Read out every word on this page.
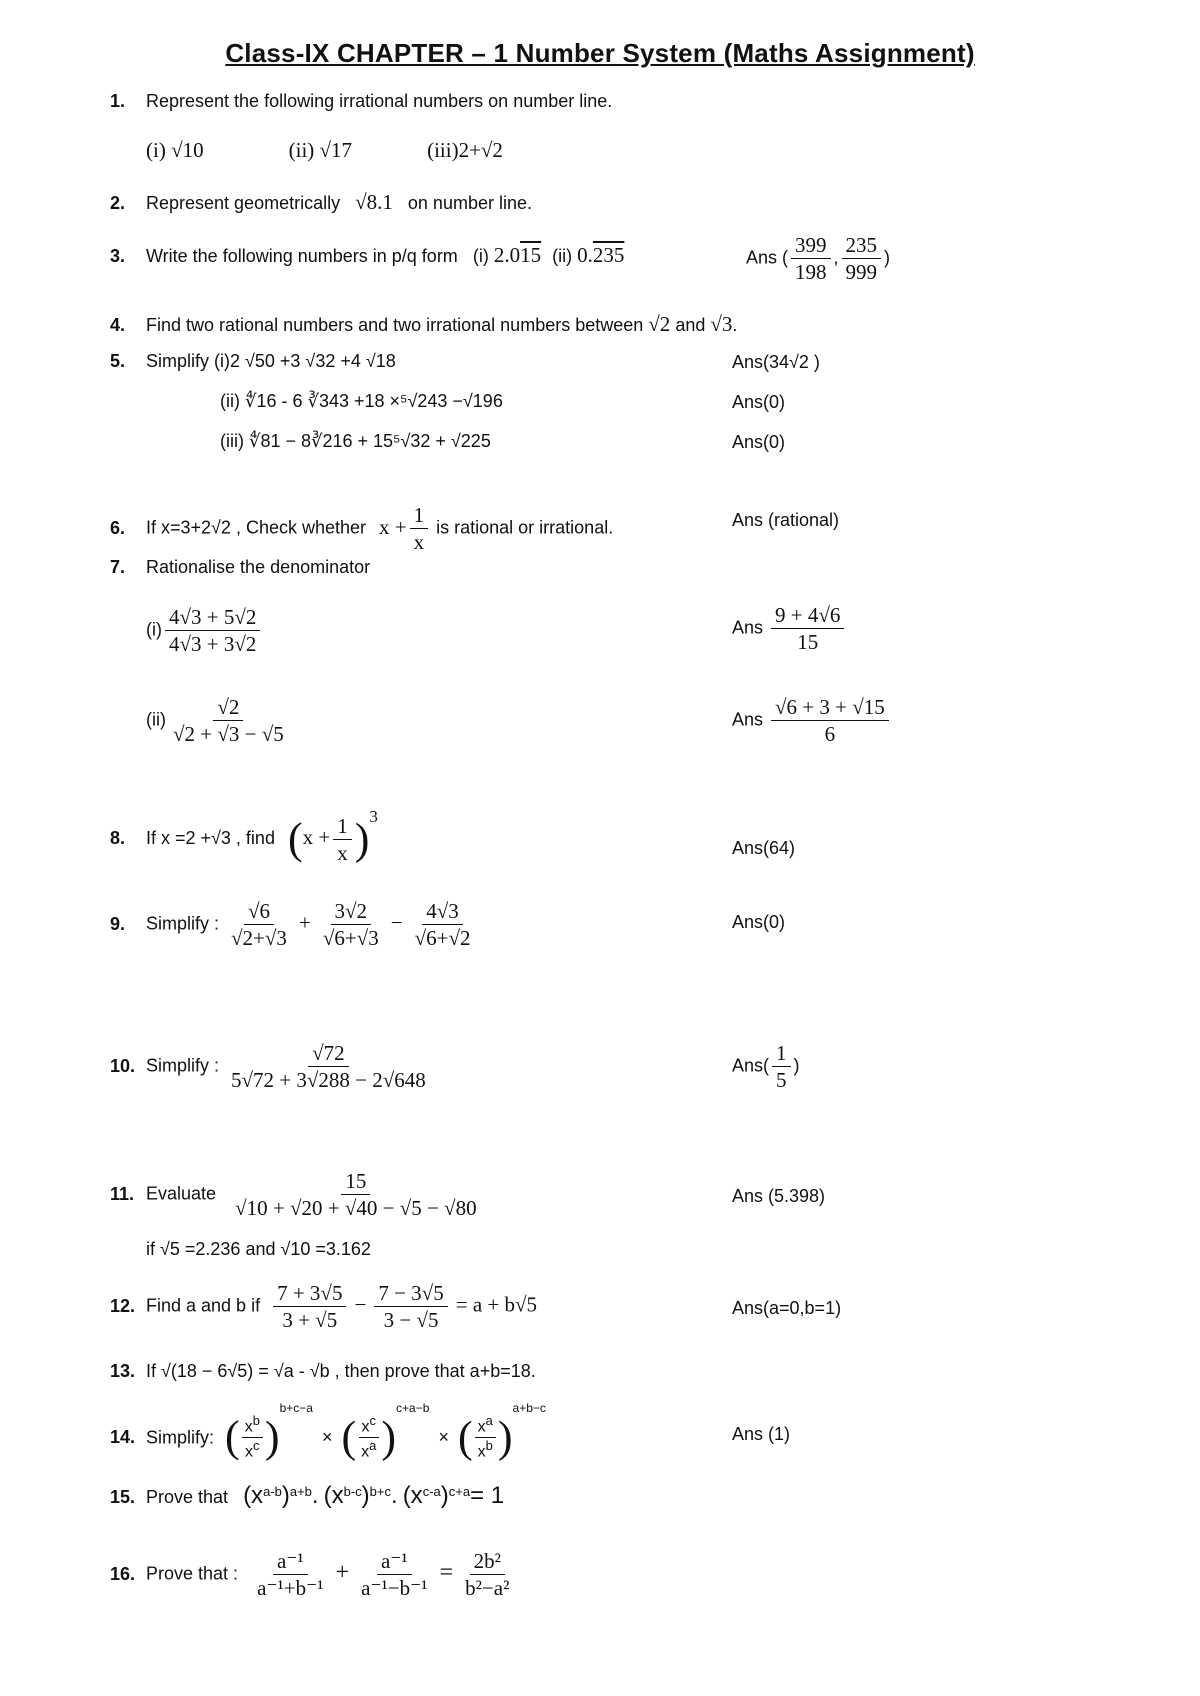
Class-IX CHAPTER – 1 Number System (Maths Assignment)
1. Represent the following irrational numbers on number line.
(i) √10	(ii) √17	(iii)2+√2
2. Represent geometrically √8.1 on number line.
3. Write the following numbers in p/q form (i) 2.015 (ii) 0.235	Ans ( $\frac{399}{198}$ , $\frac{235}{999}$ )
4. Find two rational numbers and two irrational numbers between √2 and √3.
5. Simplify (i)2 √50 +3 √32 +4 √18	Ans(34√2 )
(ii) ∜16 - 6 ∛343 +18 ×⁵√243 −√196	Ans(0)
(iii) ∜81 − 8∛216 + 15⁵√32 + √225	Ans(0)
6. If x=3+2√2 , Check whether $x + \frac{1}{x}$ is rational or irrational.	Ans (rational)
7. Rationalise the denominator
$(i) \frac{4√3 + 5√2}{4√3 + 3√2}$	Ans $\frac{9 + 4√6}{15}$
$(ii) \frac{√2}{√2 + √3 - √5}$	Ans $\frac{√6 + 3 + √15}{6}$
8. If x =2 +√3 , find $(x + \frac{1}{x} )^3$
Ans(64)
9. Simplify : $\frac{√6}{√2+√3} + \frac{3√2}{√6+√3} - \frac{4√3}{√6+√2}$	Ans(0)
10. Simplify : $\frac{√72}{5√72 + 3√288 - 2√648}$	$Ans( \frac{1}{5}$ )
11. Evaluate $\frac{15}{√10 + √20 + √40 - √5 - √80}$	Ans (5.398)
if √5 =2.236 and √10 =3.162
12. Find a and b if $\frac{7 + 3√5}{3 + √5} - \frac{7 - 3√5}{3 - √5} = a + b√5$	Ans(a=0,b=1)
13. If √(18 − 6√5) = √a - √b , then prove that a+b=18.
14. Simplify: ( $\frac{x^b}{x^c} )^{b+c-a}$ × ( $\frac{x^c}{x^a} )^{c+a-b}$ × ( $\frac{x^a}{x^b} )^{a+b-c}$
Ans (1)
15. Prove that $(x^{a-b})^{a+b}$. $(x^{b-c})^{b+c}$. $(x^{c-a})^{c+a}= 1$
16. Prove that : $\frac{\text{a⁻¹}}{\text{a⁻¹+b⁻¹}} + \frac{\text{a⁻¹}}{\text{a⁻¹−b⁻¹}} = \frac{\text{2b²}}{\text{b²−a²}}$
